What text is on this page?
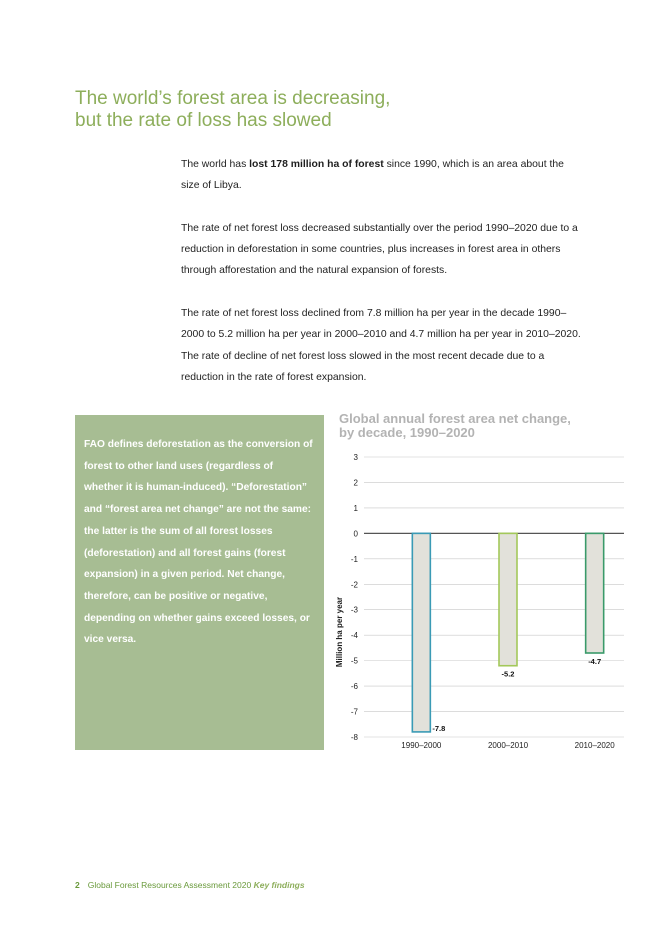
The world’s forest area is decreasing,
but the rate of loss has slowed

The world has lost 178 million ha of forest since 1990, which is an area about the size of Libya.

The rate of net forest loss decreased substantially over the period 1990–2020 due to a reduction in deforestation in some countries, plus increases in forest area in others through afforestation and the natural expansion of forests.

The rate of net forest loss declined from 7.8 million ha per year in the decade 1990–2000 to 5.2 million ha per year in 2000–2010 and 4.7 million ha per year in 2010–2020. The rate of decline of net forest loss slowed in the most recent decade due to a reduction in the rate of forest expansion.

FAO defines deforestation as the conversion of forest to other land uses (regardless of whether it is human-induced). “Deforestation” and “forest area net change” are not the same: the latter is the sum of all forest losses (deforestation) and all forest gains (forest expansion) in a given period. Net change, therefore, can be positive or negative, depending on whether gains exceed losses, or vice versa.
Global annual forest area net change,
by decade, 1990–2020
3
2
1
0
-1
-2
-3
-4
-5
-6
-7
-8
-7.8
-5.2
-4.7
1990–2000	2000–2010	2010–2020
Million ha per year
2 Global Forest Resources Assessment 2020 Key findings
